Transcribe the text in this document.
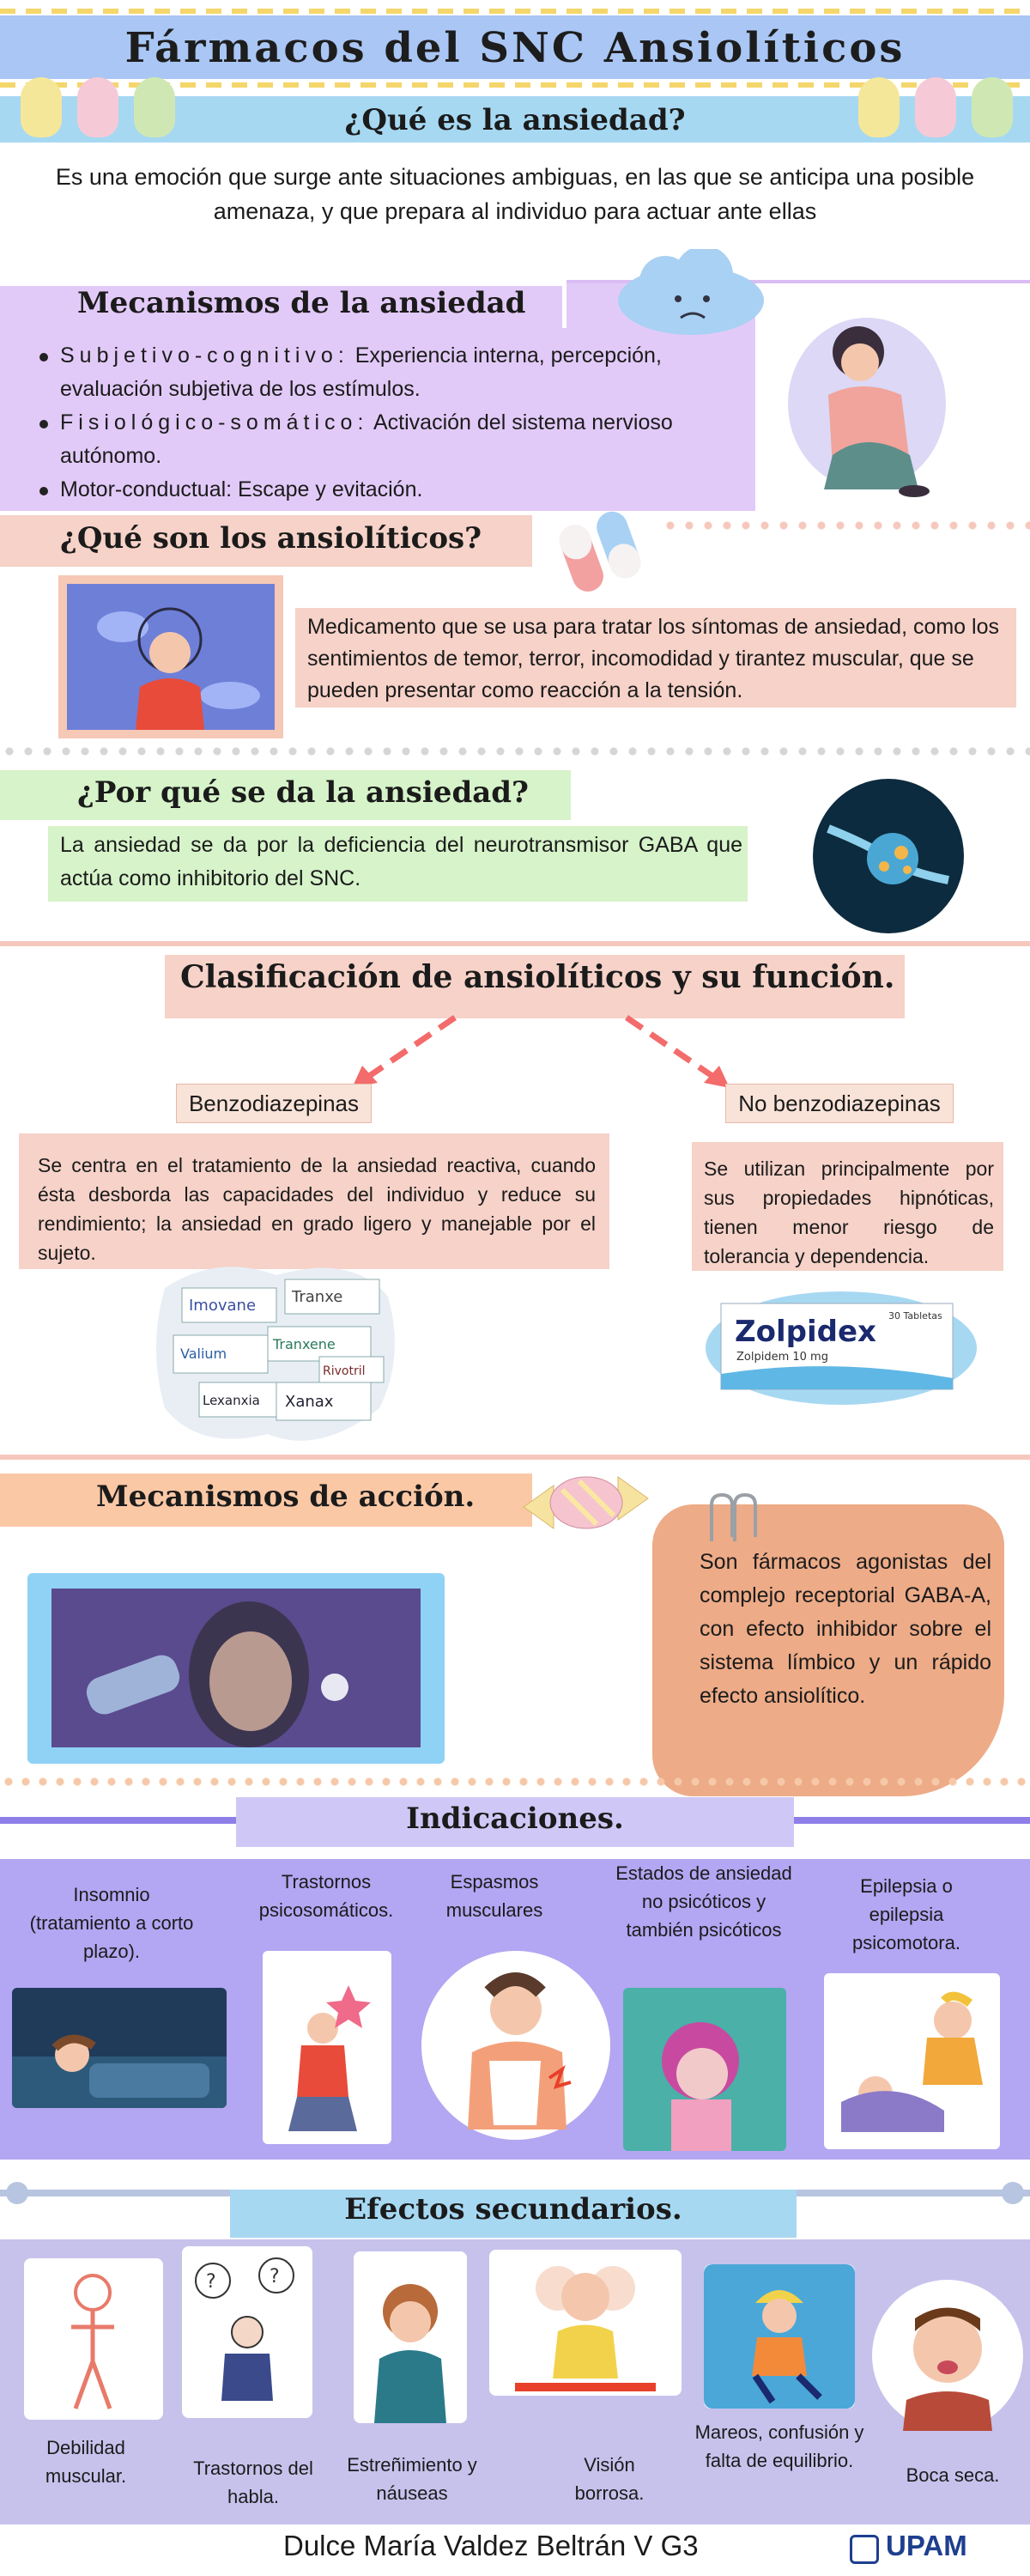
Fármacos del SNC Ansiolíticos
¿Qué es la ansiedad?
Es una emoción que surge ante situaciones ambiguas, en las que se anticipa una posible amenaza, y que prepara al individuo para actuar ante ellas
Mecanismos de la ansiedad
Subjetivo-cognitivo: Experiencia interna, percepción, evaluación subjetiva de los estímulos.
Fisiológico-somático: Activación del sistema nervioso autónomo.
Motor-conductual: Escape y evitación.
¿Qué son los ansiolíticos?
Medicamento que se usa para tratar los síntomas de ansiedad, como los sentimientos de temor, terror, incomodidad y tirantez muscular, que se pueden presentar como reacción a la tensión.
¿Por qué se da la ansiedad?
La ansiedad se da por la deficiencia del neurotransmisor GABA que actúa como inhibitorio del SNC.
Clasificación de ansiolíticos y su función.
Benzodiazepinas	No benzodiazepinas
Se centra en el tratamiento de la ansiedad reactiva, cuando ésta desborda las capacidades del individuo y reduce su rendimiento; la ansiedad en grado ligero y manejable por el sujeto.
Se utilizan principalmente por sus propiedades hipnóticas, tienen menor riesgo de tolerancia y dependencia.
Imovane Tranxe
Valium
Tranxene
Xanax
Lexanxia
Rivotril
Zolpidex
Zolpidem 10 mg
30 Tabletas
Mecanismos de acción.
Son fármacos agonistas del complejo receptorial GABA-A, con efecto inhibidor sobre el sistema límbico y un rápido efecto ansiolítico.
Indicaciones.
Insomnio (tratamiento a corto plazo).
Trastornos psicosomáticos.
Espasmos musculares
Estados de ansiedad no psicóticos y también psicóticos
Epilepsia o epilepsia psicomotora.
Efectos secundarios.
?	?
Debilidad muscular.	Trastornos del habla.
Estreñimiento y náuseas
Visión borrosa.
Mareos, confusión y falta de equilibrio.
Boca seca.
Dulce María Valdez Beltrán V G3	UPAM
